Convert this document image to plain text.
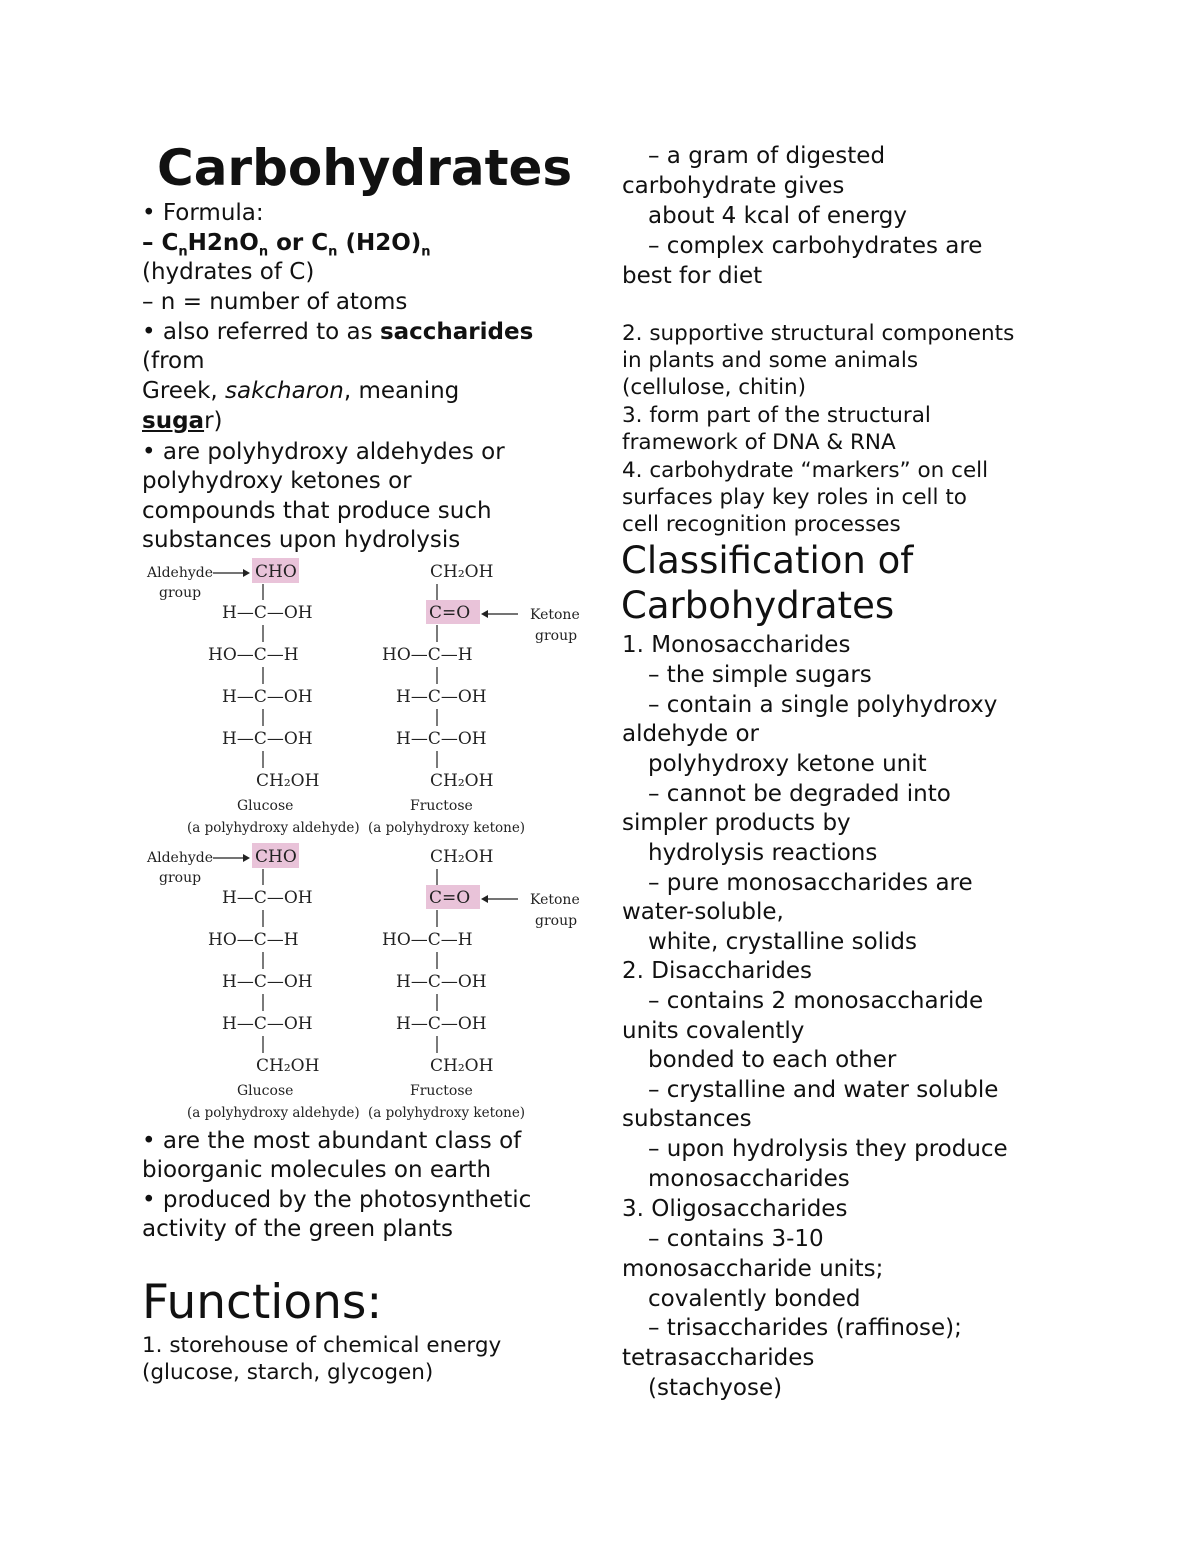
Carbohydrates
• Formula:
– $C_nH2nO_n$ or $C_n$ $(H2O)_n$
(hydrates of C)
– n = number of atoms
• also referred to as saccharides
(from
Greek, sakcharon, meaning
sugar)
• are polyhydroxy aldehydes or
polyhydroxy ketones or
compounds that produce such
substances upon hydrolysis
Aldehyde
group
CHO
H—C—OH
HO—C—H
H—C—OH
H—C—OH
CH₂OH
Glucose
(a polyhydroxy aldehyde)
CH₂OH
C=O	Ketone
group
HO—C—H
H—C—OH
H—C—OH
CH₂OH
Fructose
(a polyhydroxy ketone)
Aldehyde
group
CHO
H—C—OH
HO—C—H
H—C—OH
H—C—OH
CH₂OH
Glucose
(a polyhydroxy aldehyde)
CH₂OH
C=O	Ketone
group
HO—C—H
H—C—OH
H—C—OH
CH₂OH
Fructose
(a polyhydroxy ketone)
• are the most abundant class of
bioorganic molecules on earth
• produced by the photosynthetic
activity of the green plants
Functions:
1. storehouse of chemical energy
(glucose, starch, glycogen)
– a gram of digested
carbohydrate gives
about 4 kcal of energy
– complex carbohydrates are
best for diet
2. supportive structural components
in plants and some animals
(cellulose, chitin)
3. form part of the structural
framework of DNA & RNA
4. carbohydrate “markers” on cell
surfaces play key roles in cell to
cell recognition processes
Classification of
Carbohydrates
1. Monosaccharides
– the simple sugars
– contain a single polyhydroxy
aldehyde or
polyhydroxy ketone unit
– cannot be degraded into
simpler products by
hydrolysis reactions
– pure monosaccharides are
water-soluble,
white, crystalline solids
2. Disaccharides
– contains 2 monosaccharide
units covalently
bonded to each other
– crystalline and water soluble
substances
– upon hydrolysis they produce
monosaccharides
3. Oligosaccharides
– contains 3-10
monosaccharide units;
covalently bonded
– trisaccharides (raffinose);
tetrasaccharides
(stachyose)
